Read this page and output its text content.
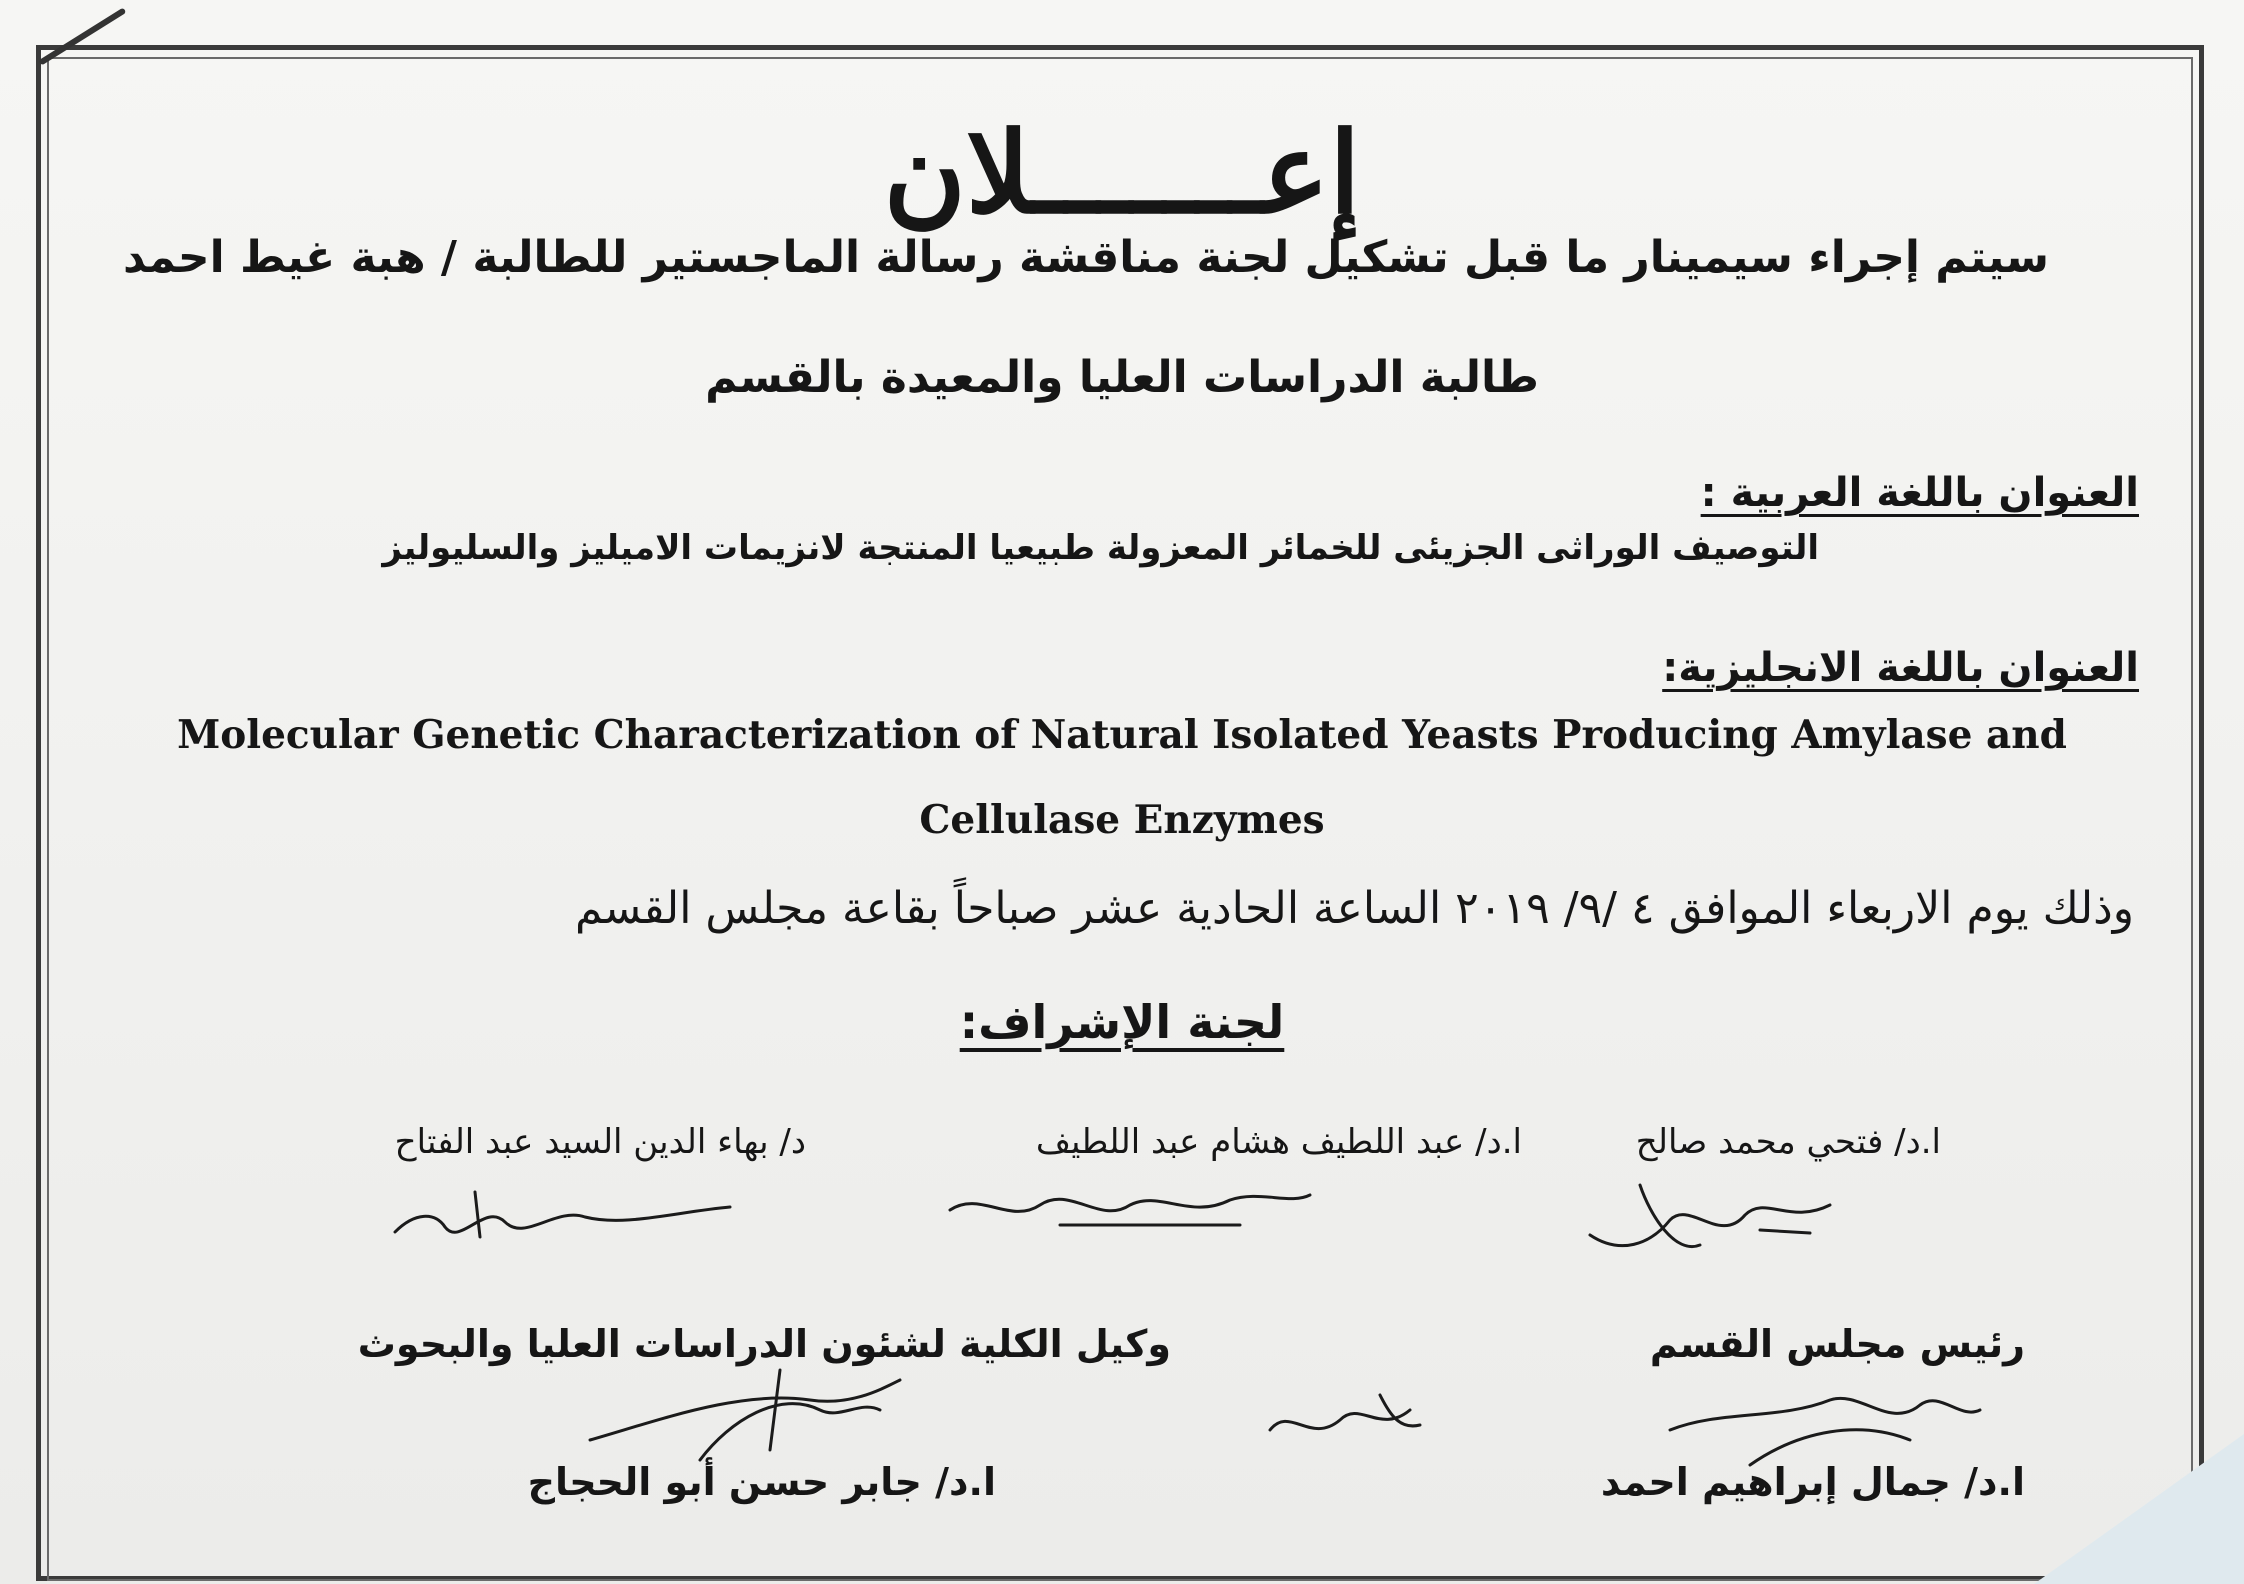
إعـــــــلان
سيتم إجراء سيمينار ما قبل تشكيل لجنة مناقشة رسالة الماجستير للطالبة / هبة غيط احمد
طالبة الدراسات العليا والمعيدة بالقسم
العنوان باللغة العربية :
التوصيف الوراثى الجزيئى للخمائر المعزولة طبيعيا المنتجة لانزيمات الاميليز والسليوليز
العنوان باللغة الانجليزية:
Molecular Genetic Characterization of Natural Isolated Yeasts Producing Amylase and
Cellulase Enzymes
وذلك يوم الاربعاء الموافق ٤ /٩/ ٢٠١٩ الساعة الحادية عشر صباحاً بقاعة مجلس القسم
لجنة الإشراف:
ا.د/ فتحي محمد صالح
ا.د/ عبد اللطيف هشام عبد اللطيف
د/ بهاء الدين السيد عبد الفتاح
رئيس مجلس القسم
وكيل الكلية لشئون الدراسات العليا والبحوث
ا.د/ جمال إبراهيم احمد
ا.د/ جابر حسن أبو الحجاج
